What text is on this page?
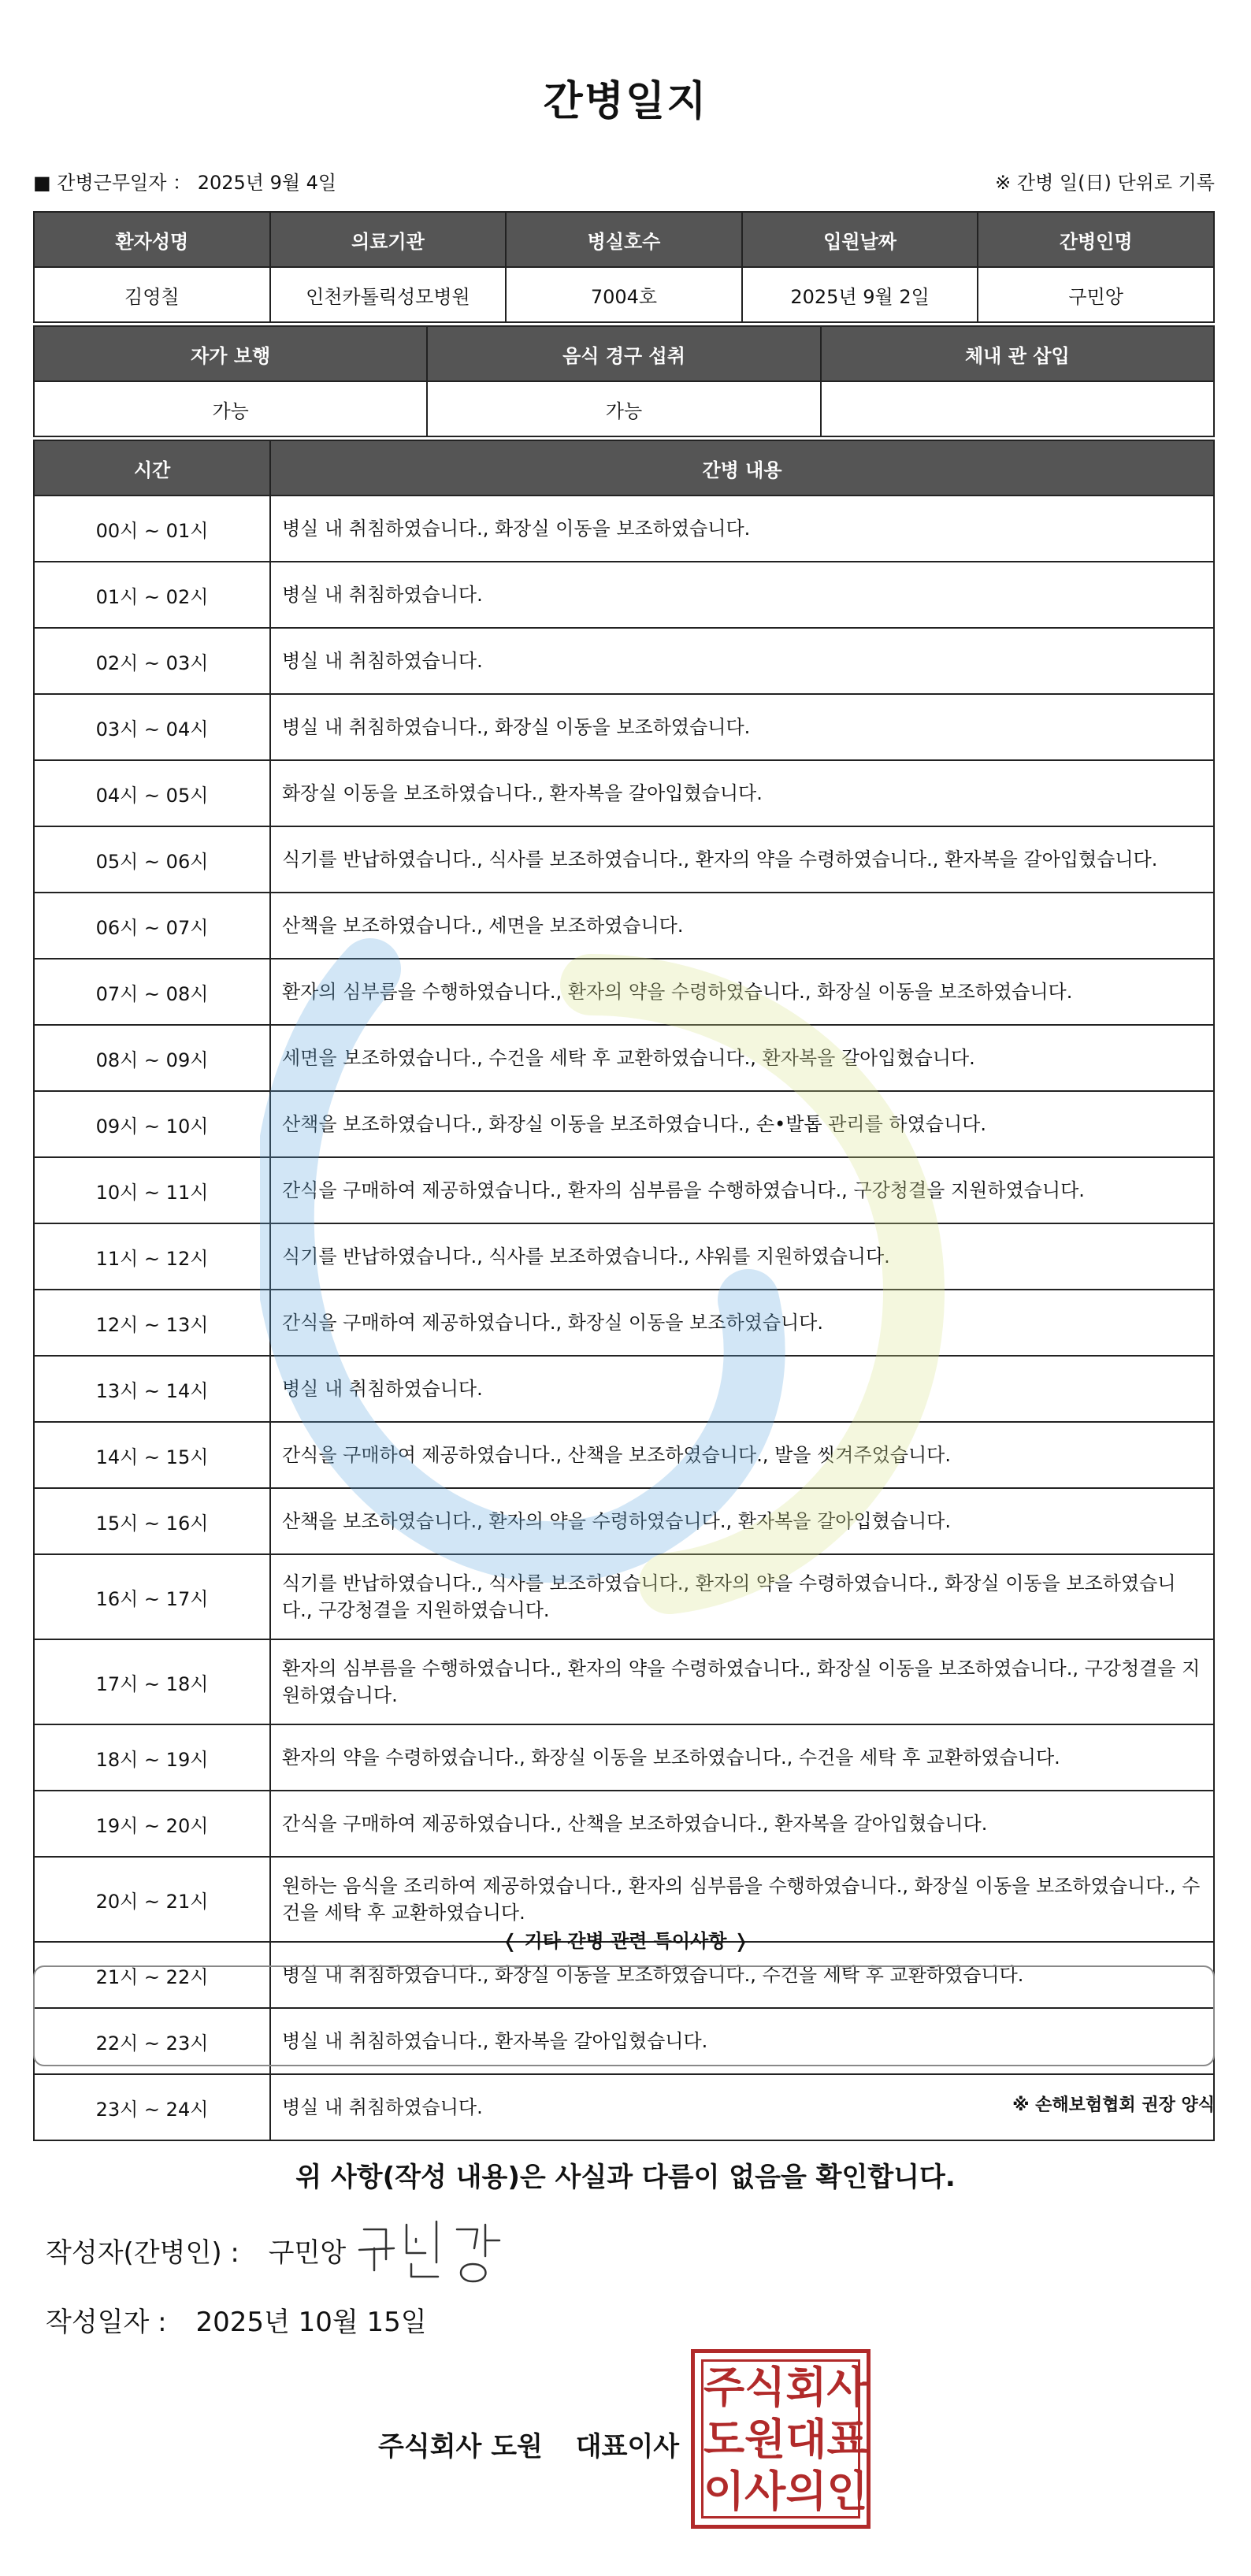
간병일지
■ 간병근무일자 ： 2025년 9월 4일	※ 간병 일(日) 단위로 기록
환자성명	의료기관	병실호수	입원날짜	간병인명
김영칠	인천카톨릭성모병원	7004호	2025년 9월 2일	구민앙
자가 보행	음식 경구 섭취	체내 관 삽입
가능	가능	
시간	간병 내용
00시 ~ 01시	병실 내 취침하였습니다., 화장실 이동을 보조하였습니다.
01시 ~ 02시	병실 내 취침하였습니다.
02시 ~ 03시	병실 내 취침하였습니다.
03시 ~ 04시	병실 내 취침하였습니다., 화장실 이동을 보조하였습니다.
04시 ~ 05시	화장실 이동을 보조하였습니다., 환자복을 갈아입혔습니다.
05시 ~ 06시	식기를 반납하였습니다., 식사를 보조하였습니다., 환자의 약을 수령하였습니다., 환자복을 갈아입혔습니다.
06시 ~ 07시	산책을 보조하였습니다., 세면을 보조하였습니다.
07시 ~ 08시	환자의 심부름을 수행하였습니다., 환자의 약을 수령하였습니다., 화장실 이동을 보조하였습니다.
08시 ~ 09시	세면을 보조하였습니다., 수건을 세탁 후 교환하였습니다., 환자복을 갈아입혔습니다.
09시 ~ 10시	산책을 보조하였습니다., 화장실 이동을 보조하였습니다., 손•발톱 관리를 하였습니다.
10시 ~ 11시	간식을 구매하여 제공하였습니다., 환자의 심부름을 수행하였습니다., 구강청결을 지원하였습니다.
11시 ~ 12시	식기를 반납하였습니다., 식사를 보조하였습니다., 샤워를 지원하였습니다.
12시 ~ 13시	간식을 구매하여 제공하였습니다., 화장실 이동을 보조하였습니다.
13시 ~ 14시	병실 내 취침하였습니다.
14시 ~ 15시	간식을 구매하여 제공하였습니다., 산책을 보조하였습니다., 발을 씻겨주었습니다.
15시 ~ 16시	산책을 보조하였습니다., 환자의 약을 수령하였습니다., 환자복을 갈아입혔습니다.
16시 ~ 17시	식기를 반납하였습니다., 식사를 보조하였습니다., 환자의 약을 수령하였습니다., 화장실 이동을 보조하였습니다., 구강청결을 지원하였습니다.
17시 ~ 18시	환자의 심부름을 수행하였습니다., 환자의 약을 수령하였습니다., 화장실 이동을 보조하였습니다., 구강청결을 지원하였습니다.
18시 ~ 19시	환자의 약을 수령하였습니다., 화장실 이동을 보조하였습니다., 수건을 세탁 후 교환하였습니다.
19시 ~ 20시	간식을 구매하여 제공하였습니다., 산책을 보조하였습니다., 환자복을 갈아입혔습니다.
20시 ~ 21시	원하는 음식을 조리하여 제공하였습니다., 환자의 심부름을 수행하였습니다., 화장실 이동을 보조하였습니다., 수건을 세탁 후 교환하였습니다.
21시 ~ 22시	병실 내 취침하였습니다., 화장실 이동을 보조하였습니다., 수건을 세탁 후 교환하였습니다.
22시 ~ 23시	병실 내 취침하였습니다., 환자복을 갈아입혔습니다.
23시 ~ 24시	병실 내 취침하였습니다.
❬ 기타 간병 관련 특이사항 ❭
※ 손해보험협회 권장 양식
위 사항(작성 내용)은 사실과 다름이 없음을 확인합니다.
작성자(간병인) : 구민앙
작성일자 : 2025년 10월 15일
주식회사 도원 대표이사
주 식 회 사
도 원 대 표
이 사 의 인
